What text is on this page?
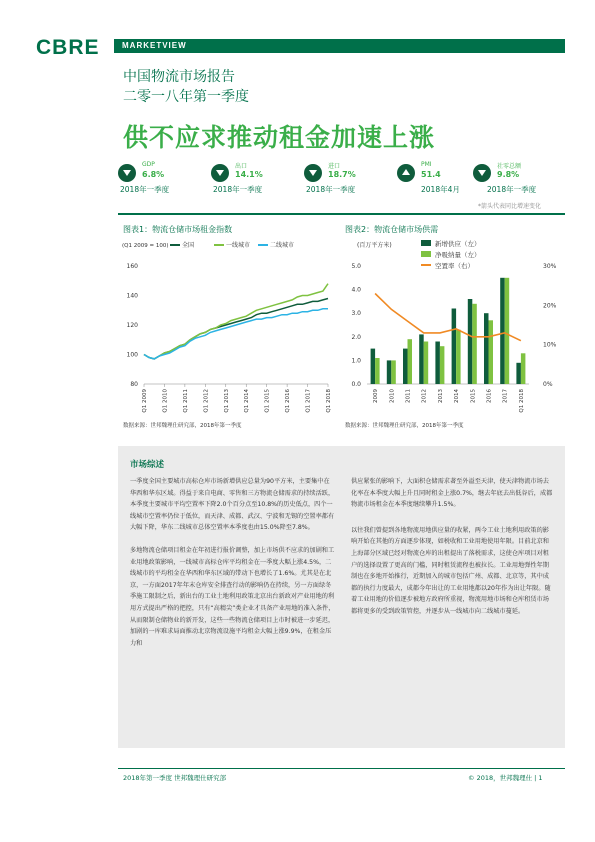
CBRE	MARKETVIEW
中国物流市场报告
二零一八年第一季度
供不应求推动租金加速上涨
GDP
6.8%
2018年一季度
出口
14.1%
2018年一季度
进口
18.7%
2018年一季度
PMI
51.4
2018年4月
社零总额
9.8%
2018年一季度
*箭头代表同比增速变化
图表1：物流仓储市场租金指数
(Q1 2009 = 100)
80
100
120
140
160
全国	一线城市	二线城市
Q1 2009	Q1 2010	Q1 2011	Q1 2012	Q1 2013	Q1 2014	Q1 2015	Q1 2016	Q1 2017	Q1 2018
数据来源：世邦魏理仕研究部，2018年第一季度
图表2：物流仓储市场供需
(百万平方米)
0.0
1.0
2.0
3.0
4.0
5.0
0%
10%
20%
30%
新增供应（左）
净吸纳量（左）
空置率（右）
2009 2010 2011 2012 2013 2014 2015 2016 2017 Q1 2018
数据来源：世邦魏理仕研究部，2018年第一季度
市场综述

一季度全国主要城市高标仓库市场新增供应总量为90平方米，主要集中在华西和华东区域。得益于来自电商、零售和三方物流仓储需求的持续活跃，本季度主要城市平均空置率下降2.0个百分点至10.8%的历史低点，四个一线城市空置率仍位于低位，而天津、成都、武汉、宁波和无锡的空置率都有大幅下降，华东二线城市总体空置率本季度也由15.0%降至7.8%。

多地物流仓储项目租金在年初进行报价调整，加上市场供不应求的加剧和工业用地政策影响，一线城市高标仓库平均租金在一季度大幅上涨4.5%，二线城市的平均租金在华西和华东区域的带动下也增长了1.6%。尤其是在北京，一方面2017年年末仓库安全排查行动的影响仍在持续，另一方面绿冬季施工限制之后，新出台的工业土地利用政策北京出台新政对产业用地的利用方式提出严格的把控，只有“高精尖”类企业才具备产业用地的准入条件，从而限制仓储物业的新开发，这些一些物流仓储项目上市时被进一步延迟，加剧的一库难求局面推动北京物流设施平均租金大幅上涨9.9%，在租金压力和

供应紧张的影响下，大面积仓储需求著至外溢至天津，使天津物流市场去化率在本季度大幅上升且同时租金上涨0.7%，继去年底去出低谷后，成都物流市场租金在本季度继续攀升1.5%。

以往我们曾提到各地物流用地供应量的收紧，两今工业土地利用政策的影响开始在其他的方面逐步体现，如税收和工业用地使用年限。目前北京和上海部分区域已经对物流仓库的出租提出了落税需求，这使仓库项目对租户的选择设置了更高的门槛，同时租赁流程也被拉长。工业用地弹性年期制也在多地开始推行，近期加入的城市包括广州、成都、北京等，其中成都的执行力度最大，成都今年出让的工业用地都以20年作为出让年限。随着工业用地的价值逐步被地方政府所重视，物流用地市场和仓库租赁市场都将更多的受到政策管控，并逐步从一线城市向二线城市蔓延。

2018年第一季度 世邦魏理仕研究部	© 2018，世邦魏理仕 | 1
